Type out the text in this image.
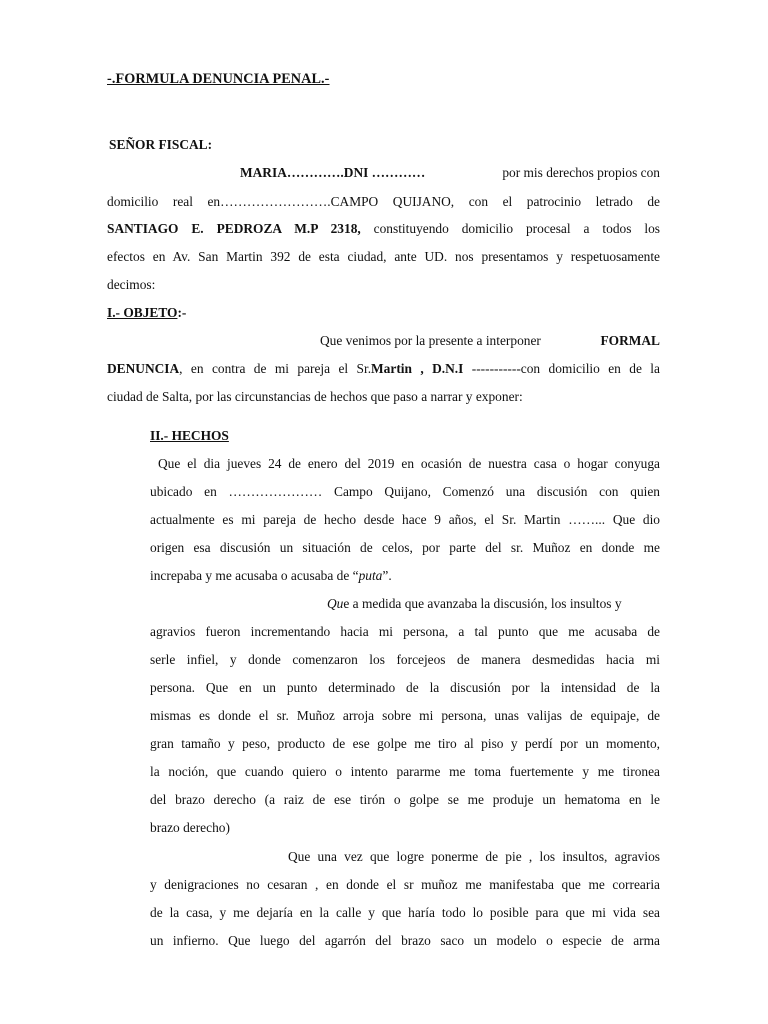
-.FORMULA DENUNCIA PENAL.-
SEÑOR FISCAL:
MARIA………….DNI …………	por mis derechos propios con
domicilio real en…………………….CAMPO QUIJANO, con el patrocinio letrado de
SANTIAGO E. PEDROZA M.P 2318, constituyendo domicilio procesal a todos los
efectos en Av. San Martin 392 de esta ciudad, ante UD. nos presentamos y respetuosamente
decimos:
I.- OBJETO:-
Que venimos por la presente a interponer	FORMAL
DENUNCIA, en contra de mi pareja el Sr.Martin , D.N.I -----------con domicilio en de la
ciudad de Salta, por las circunstancias de hechos que paso a narrar y exponer:
II.- HECHOS
Que el dia jueves 24 de enero del 2019 en ocasión de nuestra casa o hogar conyuga
ubicado en ………………… Campo Quijano, Comenzó una discusión con quien
actualmente es mi pareja de hecho desde hace 9 años, el Sr. Martin ……... Que dio
origen esa discusión un situación de celos, por parte del sr. Muñoz en donde me
increpaba y me acusaba o acusaba de “puta”.
Que a medida que avanzaba la discusión, los insultos y
agravios fueron incrementando hacia mi persona, a tal punto que me acusaba de
serle infiel, y donde comenzaron los forcejeos de manera desmedidas hacia mi
persona. Que en un punto determinado de la discusión por la intensidad de la
mismas es donde el sr. Muñoz arroja sobre mi persona, unas valijas de equipaje, de
gran tamaño y peso, producto de ese golpe me tiro al piso y perdí por un momento,
la noción, que cuando quiero o intento pararme me toma fuertemente y me tironea
del brazo derecho (a raiz de ese tirón o golpe se me produje un hematoma en le
brazo derecho)
Que una vez que logre ponerme de pie , los insultos, agravios
y denigraciones no cesaran , en donde el sr muñoz me manifestaba que me correaria
de la casa, y me dejaría en la calle y que haría todo lo posible para que mi vida sea
un infierno. Que luego del agarrón del brazo saco un modelo o especie de arma
